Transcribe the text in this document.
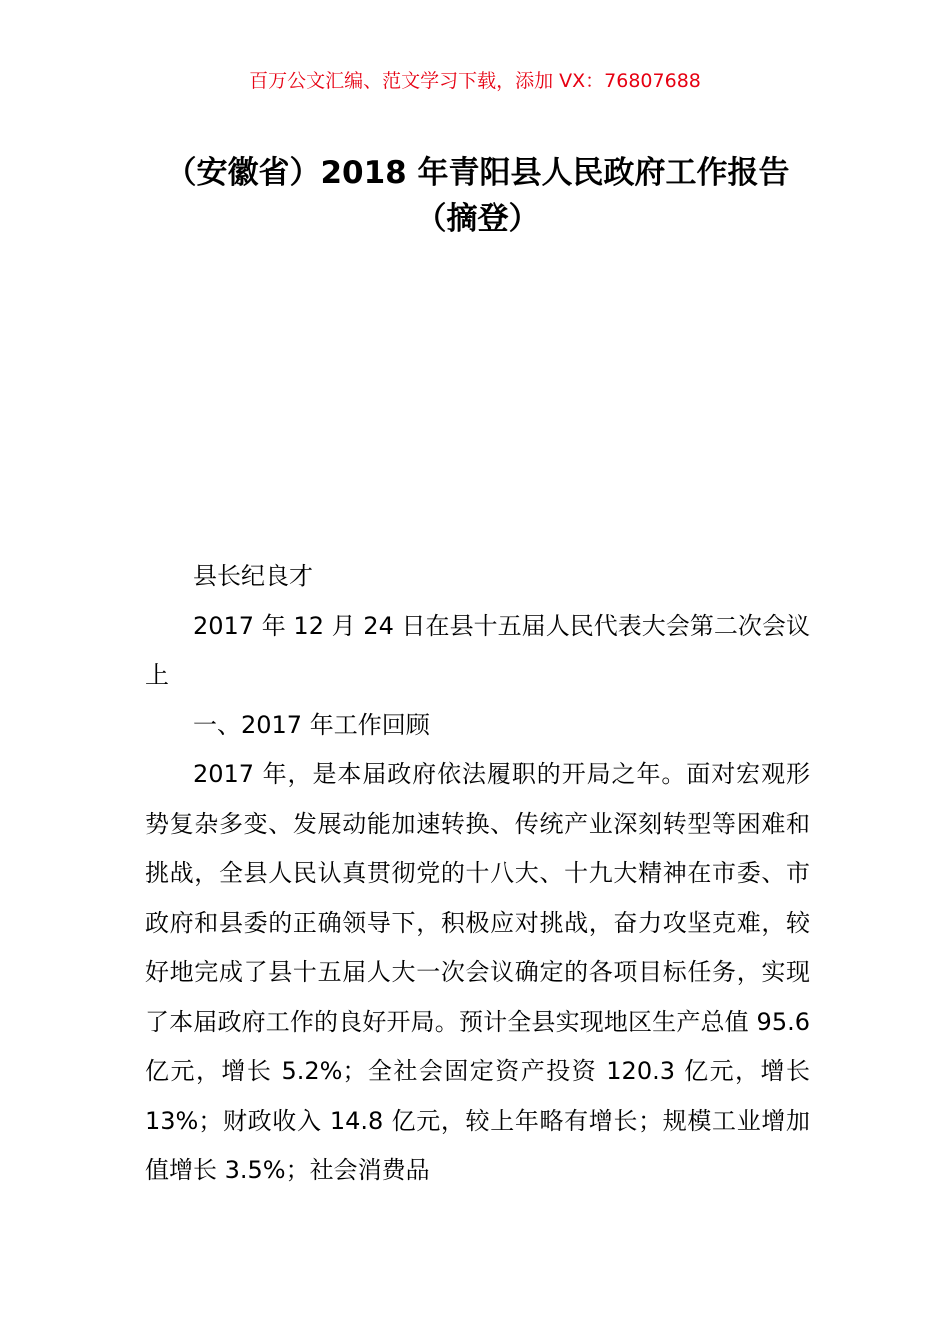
百万公文汇编、范文学习下载，添加 VX：76807688
（安徽省）2018 年青阳县人民政府工作报告（摘登）

县长纪良才

2017 年 12 月 24 日在县十五届人民代表大会第二次会议上

一、2017 年工作回顾

2017 年，是本届政府依法履职的开局之年。面对宏观形势复杂多变、发展动能加速转换、传统产业深刻转型等困难和挑战，全县人民认真贯彻党的十八大、十九大精神在市委、市政府和县委的正确领导下，积极应对挑战，奋力攻坚克难，较好地完成了县十五届人大一次会议确定的各项目标任务，实现了本届政府工作的良好开局。预计全县实现地区生产总值 95.6 亿元，增长 5.2%；全社会固定资产投资 120.3 亿元，增长 13%；财政收入 14.8 亿元，较上年略有增长；规模工业增加值增长 3.5%；社会消费品
